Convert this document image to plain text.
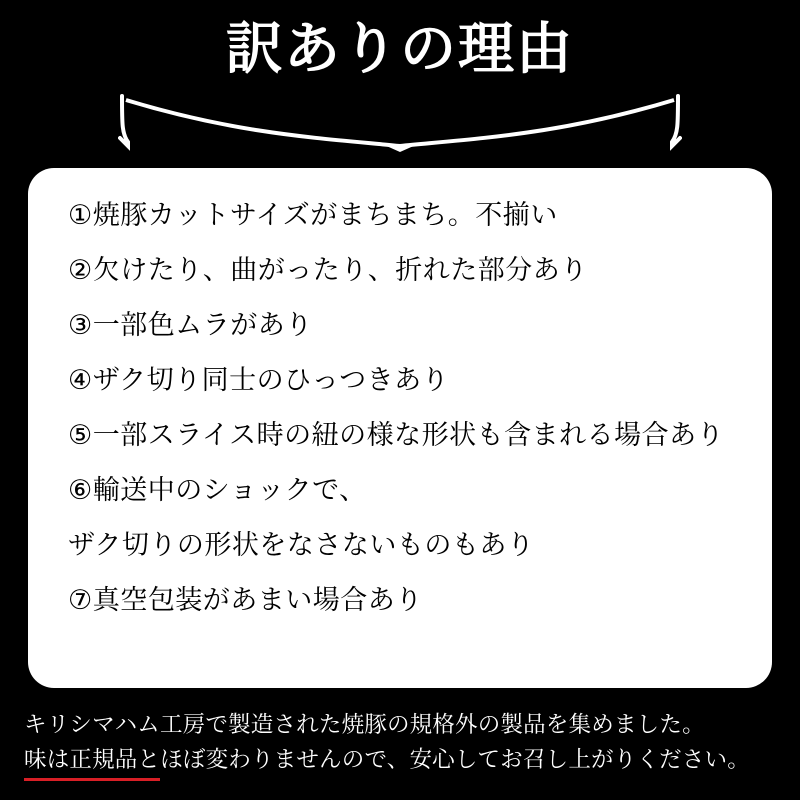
訳ありの理由
①焼豚カットサイズがまちまち。不揃い
②欠けたり、曲がったり、折れた部分あり
③一部色ムラがあり
④ザク切り同士のひっつきあり
⑤一部スライス時の紐の様な形状も含まれる場合あり
⑥輸送中のショックで、
ザク切りの形状をなさないものもあり
⑦真空包装があまい場合あり
キリシマハム工房で製造された焼豚の規格外の製品を集めました。
味は正規品とほぼ変わりませんので、安心してお召し上がりください。
